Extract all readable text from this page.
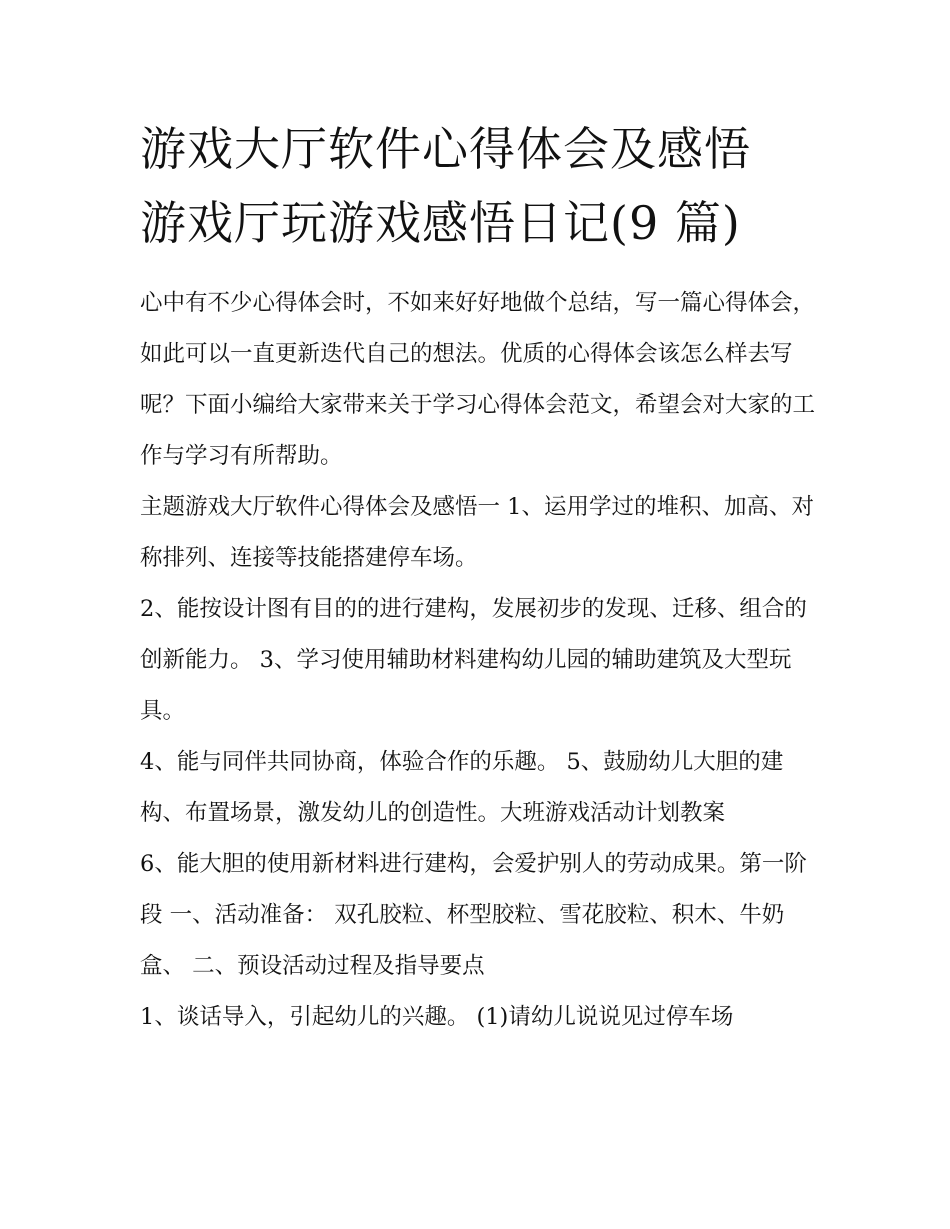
游戏大厅软件心得体会及感悟
游戏厅玩游戏感悟日记(9 篇)

心中有不少心得体会时，不如来好好地做个总结，写一篇心得体会，如此可以一直更新迭代自己的想法。优质的心得体会该怎么样去写呢？下面小编给大家带来关于学习心得体会范文，希望会对大家的工作与学习有所帮助。

主题游戏大厅软件心得体会及感悟一 1、运用学过的堆积、加高、对称排列、连接等技能搭建停车场。

2、能按设计图有目的的进行建构，发展初步的发现、迁移、组合的创新能力。 3、学习使用辅助材料建构幼儿园的辅助建筑及大型玩具。

4、能与同伴共同协商，体验合作的乐趣。 5、鼓励幼儿大胆的建构、布置场景，激发幼儿的创造性。大班游戏活动计划教案

6、能大胆的使用新材料进行建构，会爱护别人的劳动成果。第一阶段 一、活动准备： 双孔胶粒、杯型胶粒、雪花胶粒、积木、牛奶盒、 二、预设活动过程及指导要点

1、谈话导入，引起幼儿的兴趣。 (1)请幼儿说说见过停车场
